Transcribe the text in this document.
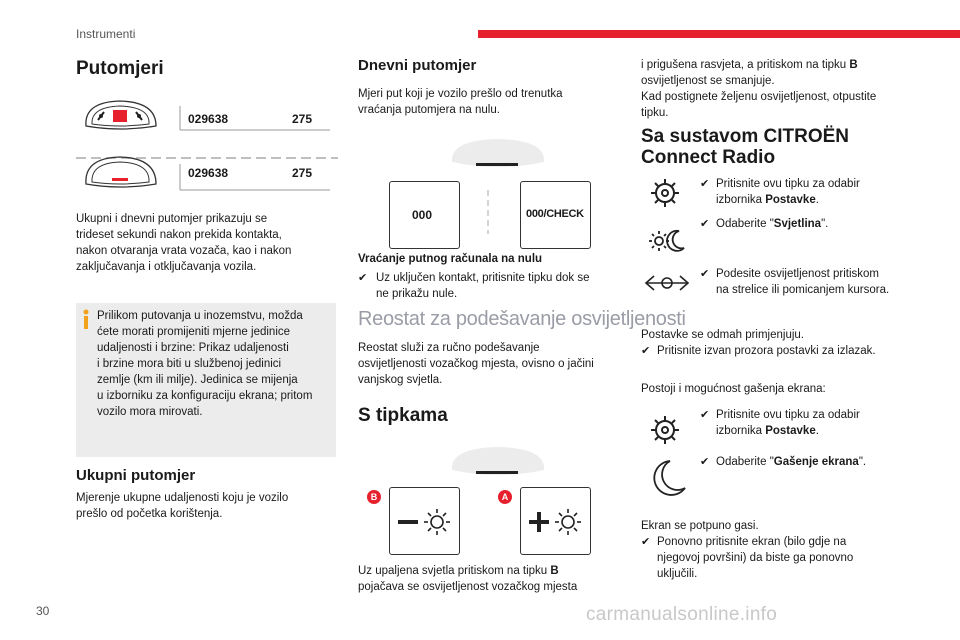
Instrumenti
30
Putomjeri
029638	275
029638	275
Ukupni i dnevni putomjer prikazuju se
trideset sekundi nakon prekida kontakta,
nakon otvaranja vrata vozača, kao i nakon
zaključavanja i otključavanja vozila.
Prilikom putovanja u inozemstvu, možda
ćete morati promijeniti mjerne jedinice
udaljenosti i brzine: Prikaz udaljenosti
i brzine mora biti u službenoj jedinici
zemlje (km ili milje). Jedinica se mijenja
u izborniku za konfiguraciju ekrana; pritom
vozilo mora mirovati.
Ukupni putomjer
Mjerenje ukupne udaljenosti koju je vozilo
prešlo od početka korištenja.
Dnevni putomjer
Mjeri put koji je vozilo prešlo od trenutka
vraćanja putomjera na nulu.
000	000/CHECK
Vraćanje putnog računala na nulu
✔ Uz uključen kontakt, pritisnite tipku dok se
ne prikažu nule.
Reostat za podešavanje osvijetljenosti
Reostat služi za ručno podešavanje
osvijetljenosti vozačkog mjesta, ovisno o jačini
vanjskog svjetla.
S tipkama
B	A
Uz upaljena svjetla pritiskom na tipku B
pojačava se osvijetljenost vozačkog mjesta
i prigušena rasvjeta, a pritiskom na tipku B
osvijetljenost se smanjuje.
Kad postignete željenu osvijetljenost, otpustite
tipku.
Sa sustavom CITROËN
Connect Radio
✔ Pritisnite ovu tipku za odabir
izbornika Postavke.
✔ Odaberite "Svjetlina".
✔ Podesite osvijetljenost pritiskom
na strelice ili pomicanjem kursora.
Postavke se odmah primjenjuju.
✔ Pritisnite izvan prozora postavki za izlazak.
Postoji i mogućnost gašenja ekrana:
✔ Pritisnite ovu tipku za odabir
izbornika Postavke.
✔ Odaberite "Gašenje ekrana".
Ekran se potpuno gasi.
✔ Ponovno pritisnite ekran (bilo gdje na
njegovoj površini) da biste ga ponovno
uključili.
carmanualsonline.info
